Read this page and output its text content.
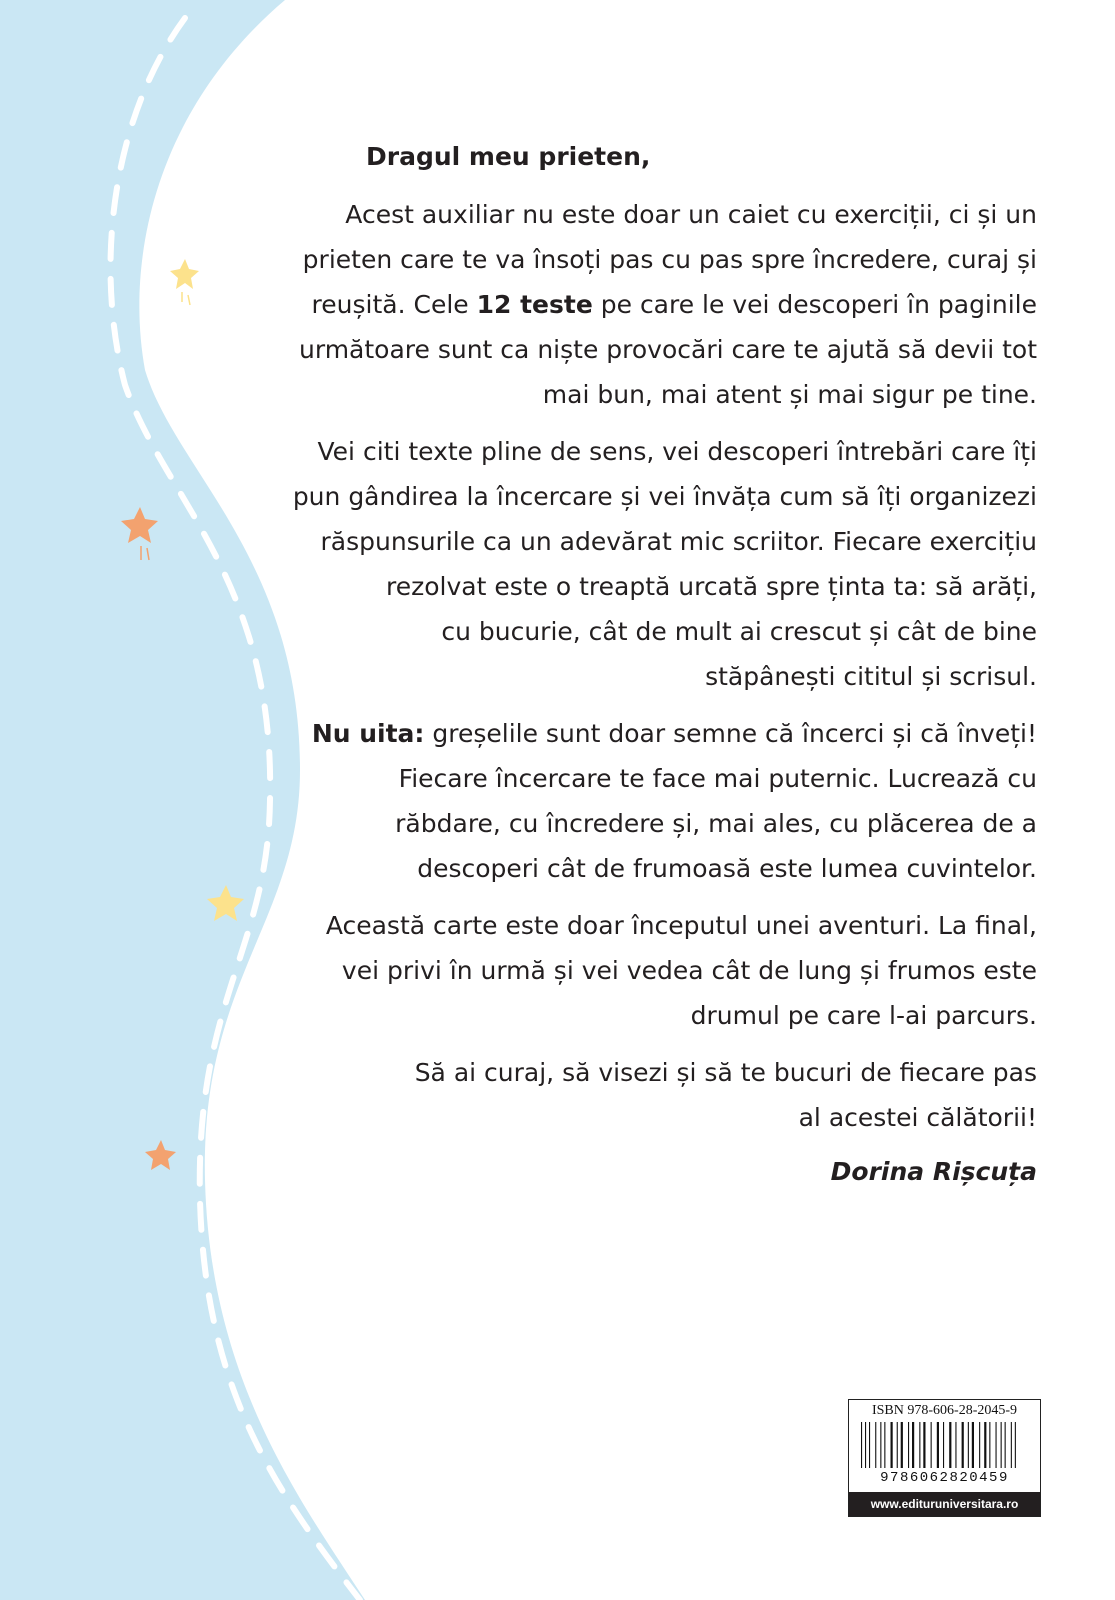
Dragul meu prieten,

Acest auxiliar nu este doar un caiet cu exerciții, ci și un
prieten care te va însoți pas cu pas spre încredere, curaj și
reușită. Cele 12 teste pe care le vei descoperi în paginile
următoare sunt ca niște provocări care te ajută să devii tot
mai bun, mai atent și mai sigur pe tine.

Vei citi texte pline de sens, vei descoperi întrebări care îți
pun gândirea la încercare și vei învăța cum să îți organizezi
răspunsurile ca un adevărat mic scriitor. Fiecare exercițiu
rezolvat este o treaptă urcată spre ținta ta: să arăți,
cu bucurie, cât de mult ai crescut și cât de bine
stăpânești cititul și scrisul.

Nu uita: greșelile sunt doar semne că încerci și că înveți!
Fiecare încercare te face mai puternic. Lucrează cu
răbdare, cu încredere și, mai ales, cu plăcerea de a
descoperi cât de frumoasă este lumea cuvintelor.

Această carte este doar începutul unei aventuri. La final,
vei privi în urmă și vei vedea cât de lung și frumos este
drumul pe care l-ai parcurs.

Să ai curaj, să visezi și să te bucuri de fiecare pas
al acestei călătorii!

Dorina Rișcuța

ISBN 978-606-28-2045-9
9786062820459
www.edituruniversitara.ro
